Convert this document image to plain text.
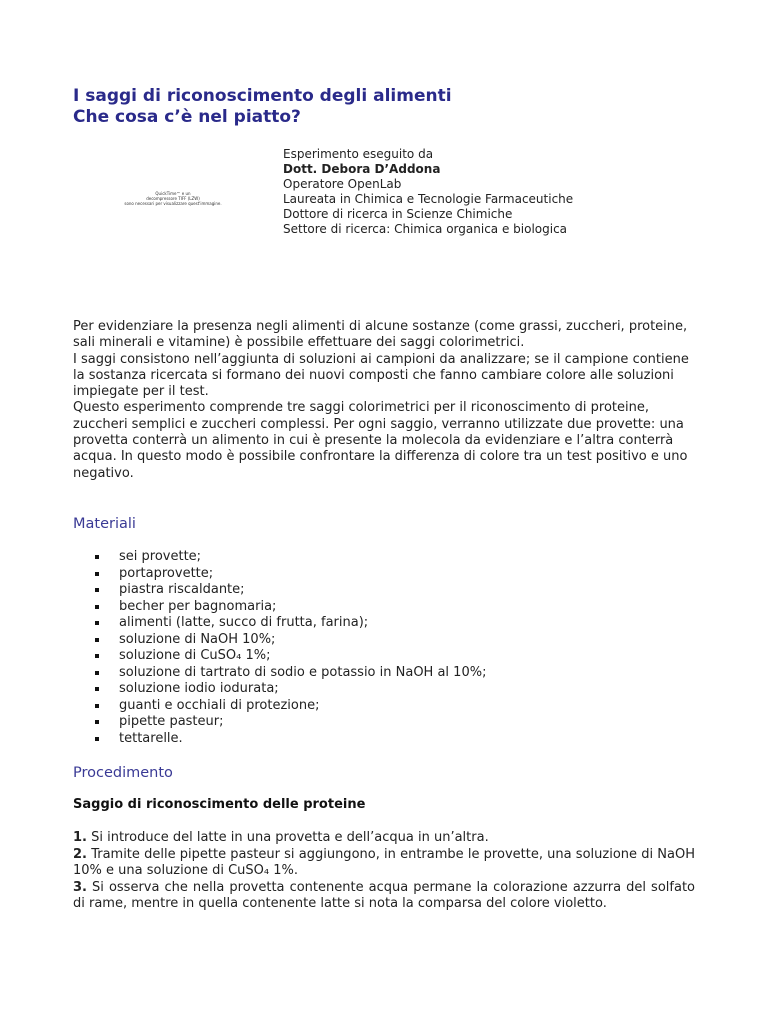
I saggi di riconoscimento degli alimenti
Che cosa c’è nel piatto?
QuickTime™ e un
decompressore TIFF (LZW)
sono necessari per visualizzare quest'immagine.
Esperimento eseguito da
Dott. Debora D’Addona
Operatore OpenLab
Laureata in Chimica e Tecnologie Farmaceutiche
Dottore di ricerca in Scienze Chimiche
Settore di ricerca: Chimica organica e biologica

Per evidenziare la presenza negli alimenti di alcune sostanze (come grassi, zuccheri, proteine, sali minerali e vitamine) è possibile effettuare dei saggi colorimetrici.

I saggi consistono nell’aggiunta di soluzioni ai campioni da analizzare; se il campione contiene la sostanza ricercata si formano dei nuovi composti che fanno cambiare colore alle soluzioni impiegate per il test.

Questo esperimento comprende tre saggi colorimetrici per il riconoscimento di proteine, zuccheri semplici e zuccheri complessi. Per ogni saggio, verranno utilizzate due provette: una provetta conterrà un alimento in cui è presente la molecola da evidenziare e l’altra conterrà acqua. In questo modo è possibile confrontare la differenza di colore tra un test positivo e uno negativo.

Materiali
sei provette;
portaprovette;
piastra riscaldante;
becher per bagnomaria;
alimenti (latte, succo di frutta, farina);
soluzione di NaOH 10%;
soluzione di CuSO₄ 1%;
soluzione di tartrato di sodio e potassio in NaOH al 10%;
soluzione iodio iodurata;
guanti e occhiali di protezione;
pipette pasteur;
tettarelle.
Procedimento
Saggio di riconoscimento delle proteine

1. Si introduce del latte in una provetta e dell’acqua in un’altra.

2. Tramite delle pipette pasteur si aggiungono, in entrambe le provette, una soluzione di NaOH 10% e una soluzione di CuSO₄ 1%.

3. Si osserva che nella provetta contenente acqua permane la colorazione azzurra del solfato di rame, mentre in quella contenente latte si nota la comparsa del colore violetto.
